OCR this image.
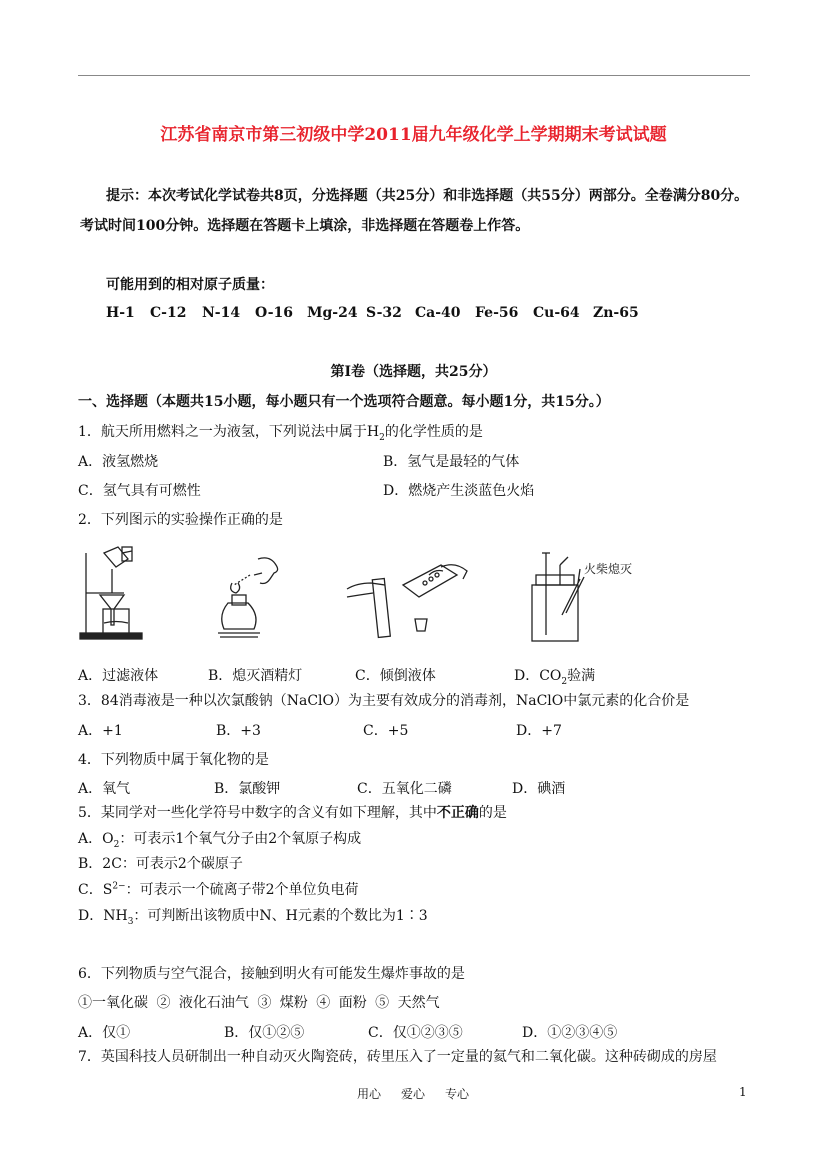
江苏省南京市第三初级中学2011届九年级化学上学期期末考试试题
提示：本次考试化学试卷共8页，分选择题（共25分）和非选择题（共55分）两部分。全卷满分80分。
考试时间100分钟。选择题在答题卡上填涂，非选择题在答题卷上作答。
可能用到的相对原子质量：
H-1 C-12 N-14 O-16 Mg-24 S-32 Ca-40 Fe-56 Cu-64 Zn-65
第Ⅰ卷（选择题，共25分）
一、选择题（本题共15小题，每小题只有一个选项符合题意。每小题1分，共15分。）
1．航天所用燃料之一为液氢，下列说法中属于$H_2$的化学性质的是
A．液氢燃烧	B．氢气是最轻的气体
C．氢气具有可燃性	D．燃烧产生淡蓝色火焰
2．下列图示的实验操作正确的是
火柴熄灭
A．过滤液体	B．熄灭酒精灯	C．倾倒液体	D．$CO_2$验满
3．84消毒液是一种以次氯酸钠（NaClO）为主要有效成分的消毒剂，NaClO中氯元素的化合价是
A．+1	B．+3	C．+5	D．+7
4．下列物质中属于氧化物的是
A．氧气	B．氯酸钾	C．五氧化二磷	D．碘酒
5．某同学对一些化学符号中数字的含义有如下理解，其中不正确的是
A．$O_2$：可表示1个氧气分子由2个氧原子构成
B．2C：可表示2个碳原子
C．$S^{2-}$：可表示一个硫离子带2个单位负电荷
D．$NH_3$：可判断出该物质中N、H元素的个数比为1∶3
6．下列物质与空气混合，接触到明火有可能发生爆炸事故的是
①一氧化碳 ② 液化石油气 ③ 煤粉 ④ 面粉 ⑤ 天然气
A．仅①	B．仅①②⑤	C．仅①②③⑤	D．①②③④⑤
7．英国科技人员研制出一种自动灭火陶瓷砖，砖里压入了一定量的氦气和二氧化碳。这种砖砌成的房屋
用心 爱心 专心	1
